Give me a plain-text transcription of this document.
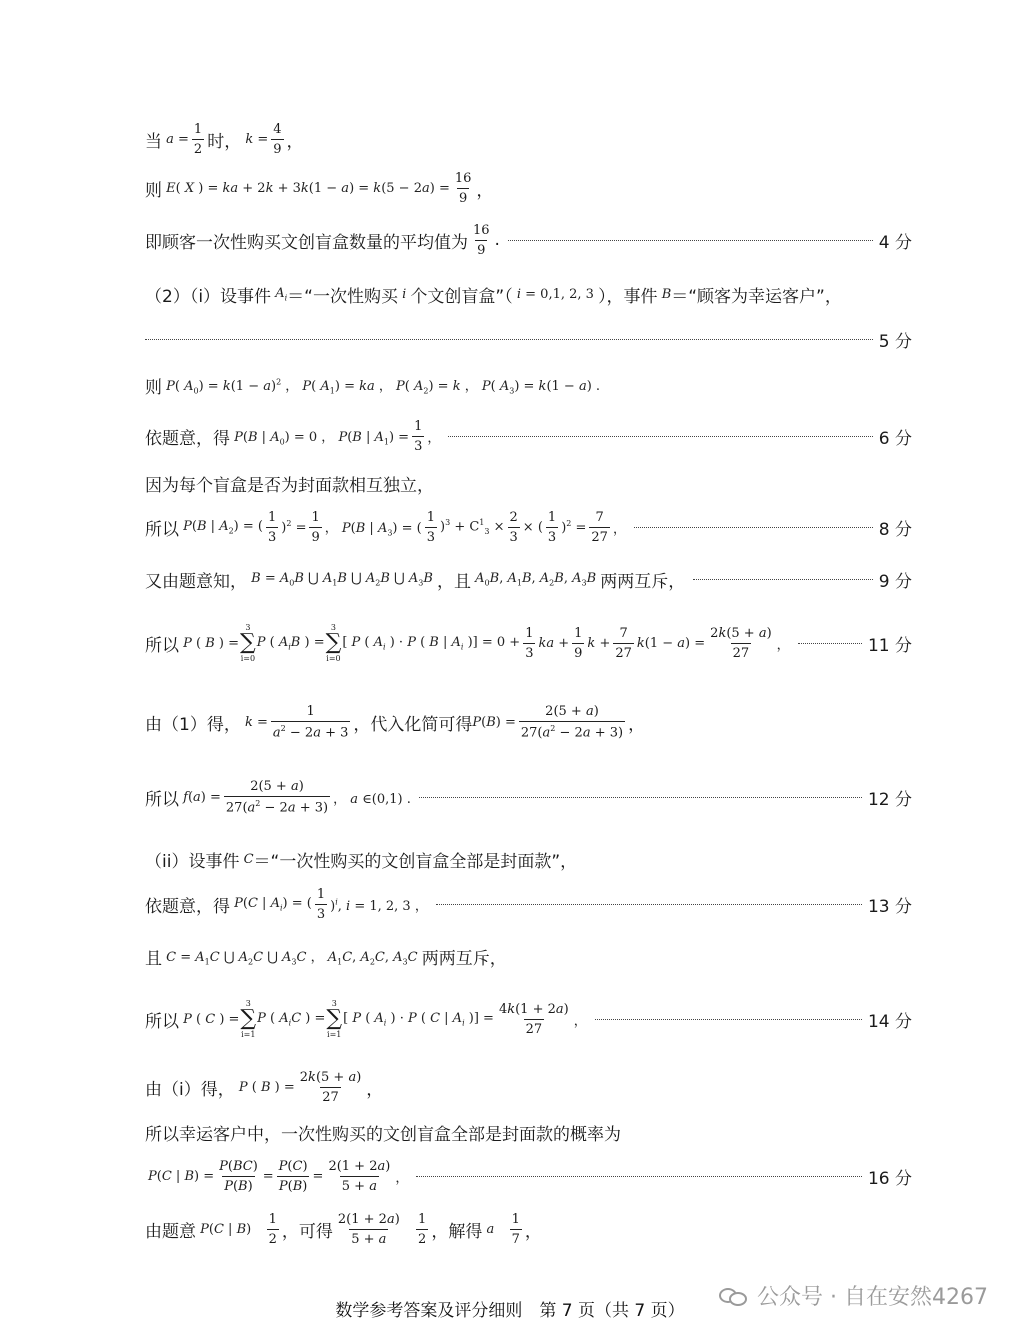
当 $a = \frac{1}{2}$ 时， $k = \frac{4}{9}$ ，
则 E( X ) = ka + $2k + 3k(1 - a) = k(5 - 2a) = \frac{16}{9}$ ，
即顾客一次性购买文创盲盒数量的平均值为 $\frac{16}{9}$ .	4 分
（2）（i）设事件 $A_i$ ＝“一次性购买 i 个文创盲盒”（ i = 0,1, 2, 3 ），事件 B ＝“顾客为幸运客户”，
5 分
则 P( $A_0) = k(1 - a)^2$ ， P( $A_1$) = ka ， P( $A_2) = k$ ， P( $A_3) = k(1 - a)$ .
依题意，得 P(B | $A_0) = 0$ ， P(B | $A_1) = \frac{1}{3}$ ，	6 分
因为每个盲盒是否为封面款相互独立，
所以 P(B | $A_2$) = ( $\frac{1}{3} )^2 = \frac{1}{9}$ ， P(B | $A_3$) = ( $\frac{1}{3} )^3 + C^1_3 \times \frac{2}{3}$ × ( $\frac{1}{3} )^2 = \frac{7}{27}$ ，	8 分
又由题意知， $B = A_0B$ ⋃ $A_1B$ ⋃ $A_2B$ ⋃ $A_3B$ ，且 $A_0B$, $A_1B$, $A_2B$, $A_3B$ 两两互斥，	9 分
所以 P ( B ) =
3
∑
i=0
P ( $A_iB$ ) =
3
∑
i=0
[ P ( $A_i$ ) · P ( B | $A_i$ )] = $0 + \frac{1}{3}$ ka + $\frac{1}{9}$ $k + \frac{7}{27} k(1 - a) = \frac{2k(5 + a)}{27}$ ，	11 分
由（1）得， $k = \frac{1}{a^2 - 2a + 3}$ ，代入化简可得 $P(B) = \frac{2(5 + a)}{27(a^2 - 2a + 3)}$ ，
所以 $f(a) = \frac{2(5 + a)}{27(a^2 - 2a + 3)}$ ， a ∈(0,1) .	12 分
（ii）设事件 C ＝“一次性购买的文创盲盒全部是封面款”，
依题意，得 P(C | $A_i$) = ( $\frac{1}{3} )^i$, i = 1, 2, 3 ，	13 分
且 $C = A_1C$ ⋃ $A_2C$ ⋃ $A_3C$ ， $A_1C$, $A_2C$, $A_3C$ 两两互斥，
所以 P ( C ) =
3
∑
i=1
P ( $A_iC$ ) =
3
∑
i=1
[ P ( $A_i$ ) · P ( C | $A_i$ )] = $\frac{4k(1 + 2a)}{27}$ ，	14 分
由（i）得， P ( B ) = $\frac{2k(5 + a)}{27}$ ，
所以幸运客户中，一次性购买的文创盲盒全部是封面款的概率为
P(C | $B) = \frac{P(BC)}{P(B)} = \frac{P(C)}{P(B)} = \frac{2(1 + 2a)}{5 + a}$ ，	16 分
由题意 P(C | $B) \frac{1}{2}$ ，可得 $\frac{2(1 + 2a)}{5 + a}$
$\frac{1}{2}$ ，解得 a $\frac{1}{7}$ ，
公众号 · 自在安然4267
数学参考答案及评分细则　第 7 页（共 7 页）
